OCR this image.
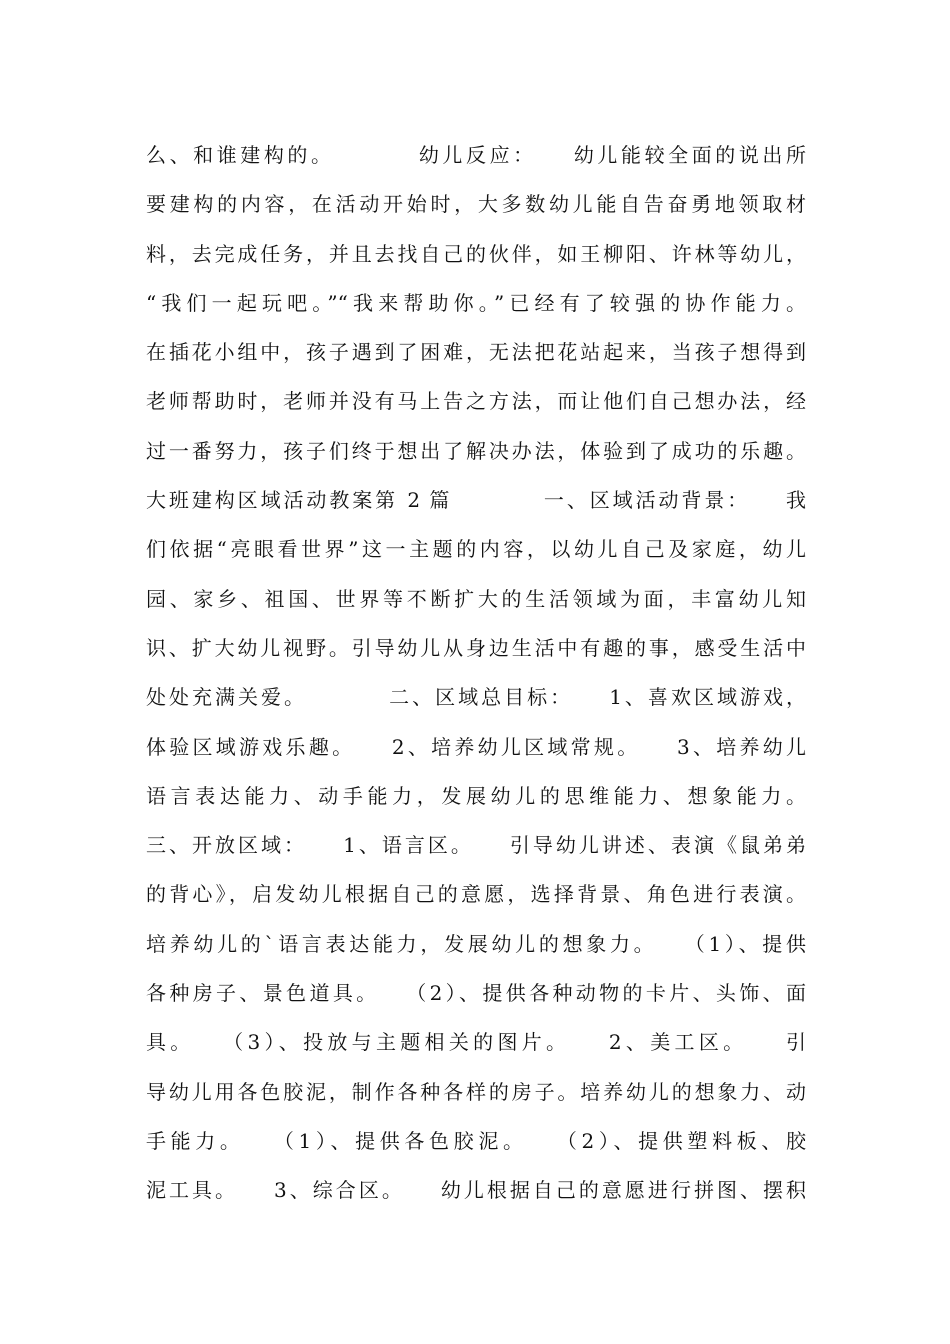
么、和谁建构的。　　　　幼儿反应：　　幼儿能较全面的说出所
要建构的内容，在活动开始时，大多数幼儿能自告奋勇地领取材
料，去完成任务，并且去找自己的伙伴，如王柳阳、许林等幼儿，
“我们一起玩吧。”“我来帮助你。”已经有了较强的协作能力。
在插花小组中，孩子遇到了困难，无法把花站起来，当孩子想得到
老师帮助时，老师并没有马上告之方法，而让他们自己想办法，经
过一番努力，孩子们终于想出了解决办法，体验到了成功的乐趣。
大班建构区域活动教案第 2 篇　　　　一、区域活动背景：　　我
们依据“亮眼看世界”这一主题的内容，以幼儿自己及家庭，幼儿
园、家乡、祖国、世界等不断扩大的生活领域为面，丰富幼儿知
识、扩大幼儿视野。引导幼儿从身边生活中有趣的事，感受生活中
处处充满关爱。　　　　二、区域总目标：　　1、喜欢区域游戏，
体验区域游戏乐趣。　　2、培养幼儿区域常规。　　3、培养幼儿
语言表达能力、动手能力，发展幼儿的思维能力、想象能力。
三、开放区域：　　1、语言区。　　引导幼儿讲述、表演《鼠弟弟
的背心》，启发幼儿根据自己的意愿，选择背景、角色进行表演。
培养幼儿的`语言表达能力，发展幼儿的想象力。　　（1）、提供
各种房子、景色道具。　　（2）、提供各种动物的卡片、头饰、面
具。　　（3）、投放与主题相关的图片。　　2、美工区。　　引
导幼儿用各色胶泥，制作各种各样的房子。培养幼儿的想象力、动
手能力。　　（1）、提供各色胶泥。　　（2）、提供塑料板、胶
泥工具。　　3、综合区。　　幼儿根据自己的意愿进行拼图、摆积
